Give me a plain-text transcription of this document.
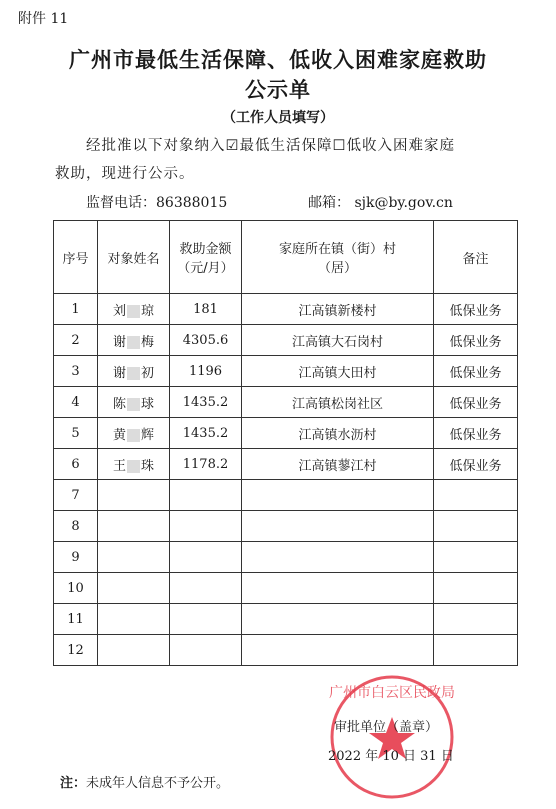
附件 11
广州市最低生活保障、低收入困难家庭救助
公示单
（工作人员填写）
经批准以下对象纳入☑最低生活保障☐低收入困难家庭
救助，现进行公示。
监督电话：86388015	邮箱： sjk@by.gov.cn
序号	对象姓名	救助金额（元/月）	家庭所在镇（街）村（居）	备注
1	刘 琼	181	江高镇新楼村	低保业务
2	谢 梅	4305.6	江高镇大石岗村	低保业务
3	谢 初	1196	江高镇大田村	低保业务
4	陈 球	1435.2	江高镇松岗社区	低保业务
5	黄 辉	1435.2	江高镇水沥村	低保业务
6	王 珠	1178.2	江高镇蓼江村	低保业务
7				
8				
9				
10				
11				
12				
广州市白云区民政局
审批单位（盖章）
2022 年 10 日 31 日
注：未成年人信息不予公开。
